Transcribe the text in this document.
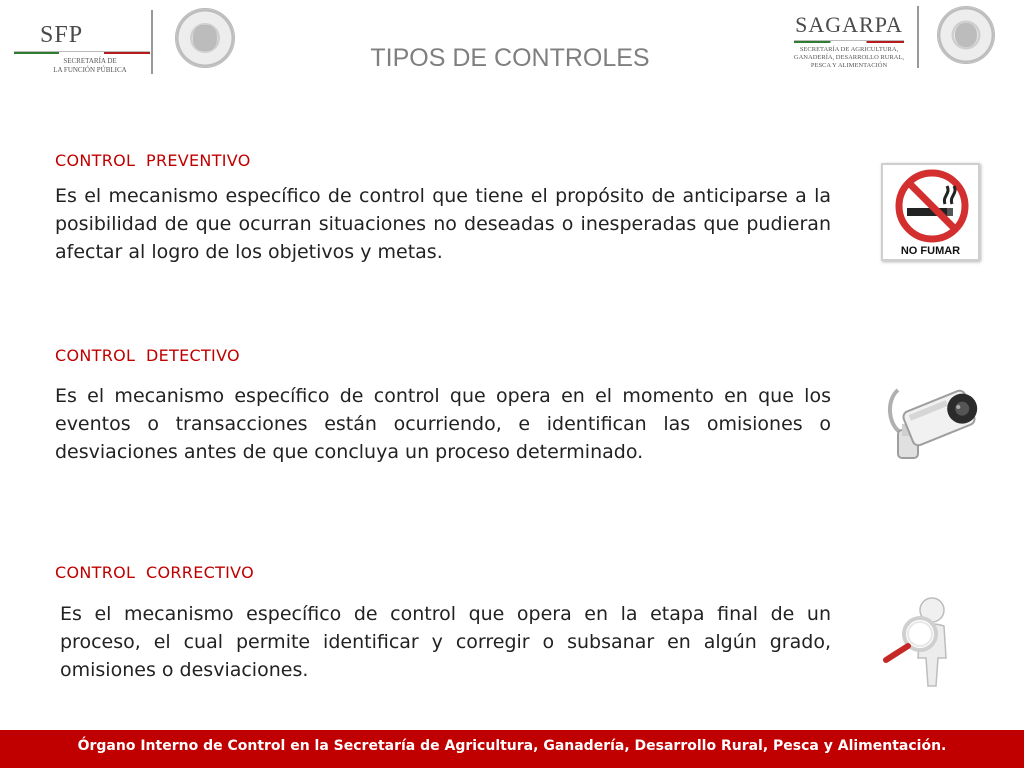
SFP
SECRETARÍA DE
LA FUNCIÓN PÚBLICA	TIPOS DE CONTROLES
SAGARPA
SECRETARÍA DE AGRICULTURA,
GANADERÍA, DESARROLLO RURAL,
PESCA Y ALIMENTACIÓN
CONTROL  PREVENTIVO

Es el mecanismo específico de control que tiene el propósito de anticiparse a la posibilidad de que ocurran situaciones no deseadas o inesperadas que pudieran afectar al logro de los objetivos y metas.	NO FUMAR
CONTROL  DETECTIVO

Es el mecanismo específico de control que opera en el momento en que los eventos o transacciones están ocurriendo, e identifican las omisiones o desviaciones antes de que concluya un proceso determinado.

CONTROL  CORRECTIVO

Es el mecanismo específico de control que opera en la etapa final de un proceso, el cual permite identificar y corregir o subsanar en algún grado, omisiones o desviaciones.

Órgano Interno de Control en la Secretaría de Agricultura, Ganadería, Desarrollo Rural, Pesca y Alimentación.
